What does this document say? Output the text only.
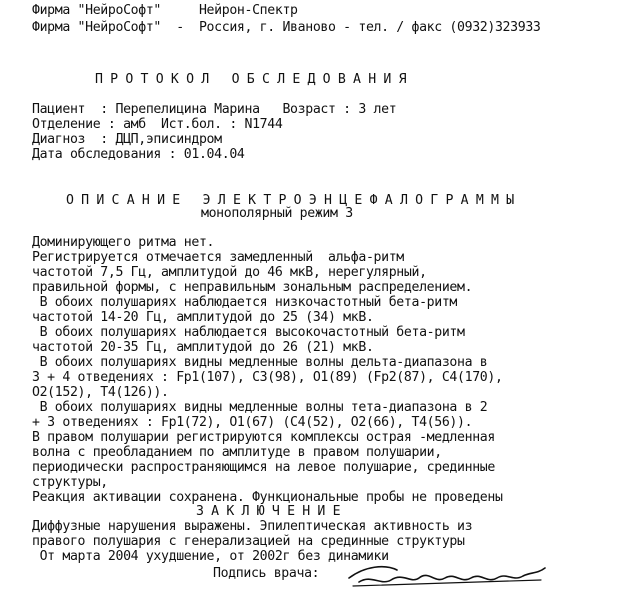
Фирма "НейроСофт"     Нейрон-Спектр
Фирма "НейроСофт"  -  Россия, г. Иваново - тел. / факс (0932)323933
П Р О Т О К О Л   О Б С Л Е Д О В А Н И Я
Пациент  : Перепелицина Марина   Возраст : 3 лет
Отделение : амб  Ист.бол. : N1744
Диагноз  : ДЦП,эписиндром
Дата обследования : 01.04.04
О П И С А Н И Е   Э Л Е К Т Р О Э Н Ц Е Ф А Л О Г Р А М М Ы
монополярный режим 3
Доминирующего ритма нет.
Регистрируется отмечается замедленный  альфа-ритм
частотой 7,5 Гц, амплитудой до 46 мкВ, нерегулярный,
правильной формы, с неправильным зональным распределением.
В обоих полушариях наблюдается низкочастотный бета-ритм
частотой 14-20 Гц, амплитудой до 25 (34) мкВ.
В обоих полушариях наблюдается высокочастотный бета-ритм
частотой 20-35 Гц, амплитудой до 26 (21) мкВ.
В обоих полушариях видны медленные волны дельта-диапазона в
3 + 4 отведениях : Fp1(107), C3(98), O1(89) (Fp2(87), C4(170),
O2(152), T4(126)).
В обоих полушариях видны медленные волны тета-диапазона в 2
+ 3 отведениях : Fp1(72), O1(67) (C4(52), O2(66), T4(56)).
В правом полушарии регистрируются комплексы острая -медленная
волна с преобладанием по амплитуде в правом полушарии,
периодически распространяющимся на левое полушарие, срединные
структуры,
Реакция активации сохранена. Функциональные пробы не проведены
З А К Л Ю Ч Е Н И Е
Диффузные нарушения выражены. Эпилептическая активность из
правого полушария с генерализацией на срединные структуры
От марта 2004 ухудшение, от 2002г без динамики
Подпись врача:
